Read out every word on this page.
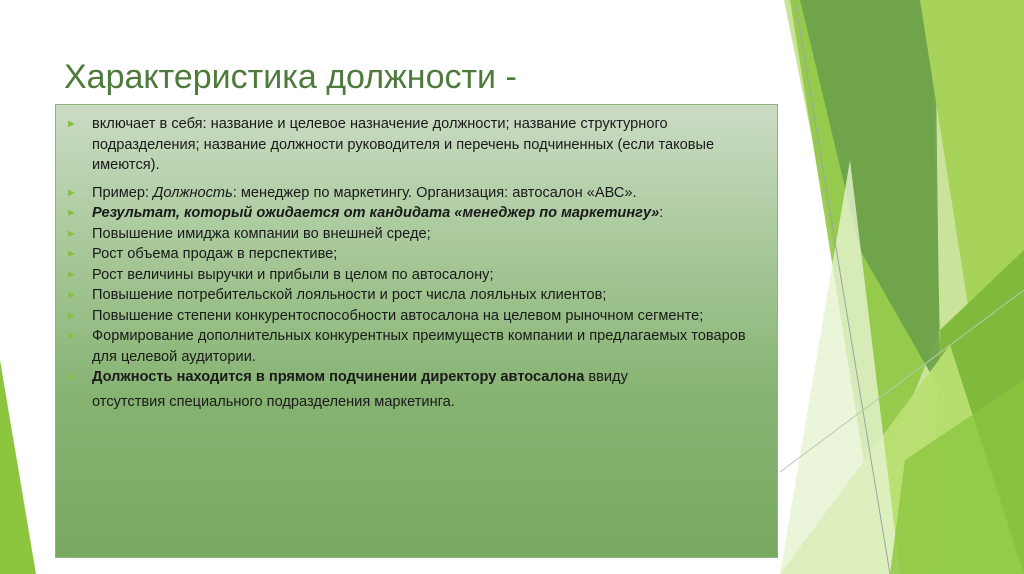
Характеристика должности -
► включает в себя: название и целевое назначение должности; название структурного подразделения; название должности руководителя и перечень подчиненных (если таковые имеются).
► Пример: Должность: менеджер по маркетингу. Организация: автосалон «АВС».
► Результат, который ожидается от кандидата «менеджер по маркетингу»:
► Повышение имиджа компании во внешней среде;
► Рост объема продаж в перспективе;
► Рост величины выручки и прибыли в целом по автосалону;
► Повышение потребительской лояльности и рост числа лояльных клиентов;
► Повышение степени конкурентоспособности автосалона на целевом рыночном сегменте;
► Формирование дополнительных конкурентных преимуществ компании и предлагаемых товаров для целевой аудитории.
► Должность находится в прямом подчинении директору автосалона ввиду
отсутствия специального подразделения маркетинга.
